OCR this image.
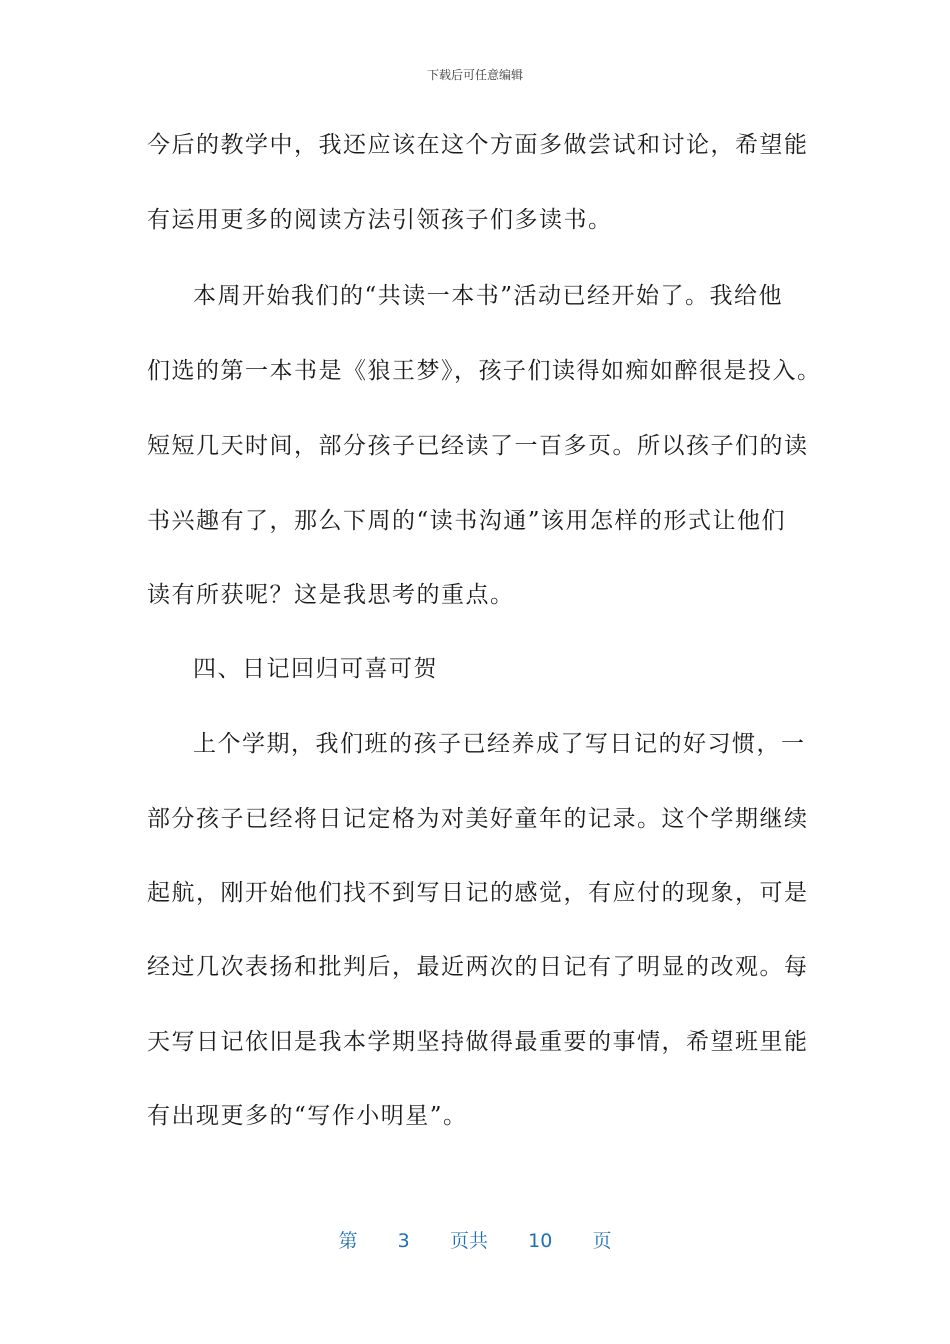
下载后可任意编辑
今后的教学中，我还应该在这个方面多做尝试和讨论，希望能
有运用更多的阅读方法引领孩子们多读书。
本周开始我们的“共读一本书”活动已经开始了。我给他
们选的第一本书是《狼王梦》，孩子们读得如痴如醉很是投入。
短短几天时间，部分孩子已经读了一百多页。所以孩子们的读
书兴趣有了，那么下周的“读书沟通”该用怎样的形式让他们
读有所获呢？这是我思考的重点。
四、日记回归可喜可贺
上个学期，我们班的孩子已经养成了写日记的好习惯，一
部分孩子已经将日记定格为对美好童年的记录。这个学期继续
起航，刚开始他们找不到写日记的感觉，有应付的现象，可是
经过几次表扬和批判后，最近两次的日记有了明显的改观。每
天写日记依旧是我本学期坚持做得最重要的事情，希望班里能
有出现更多的“写作小明星”。
第 3 页共 10 页
